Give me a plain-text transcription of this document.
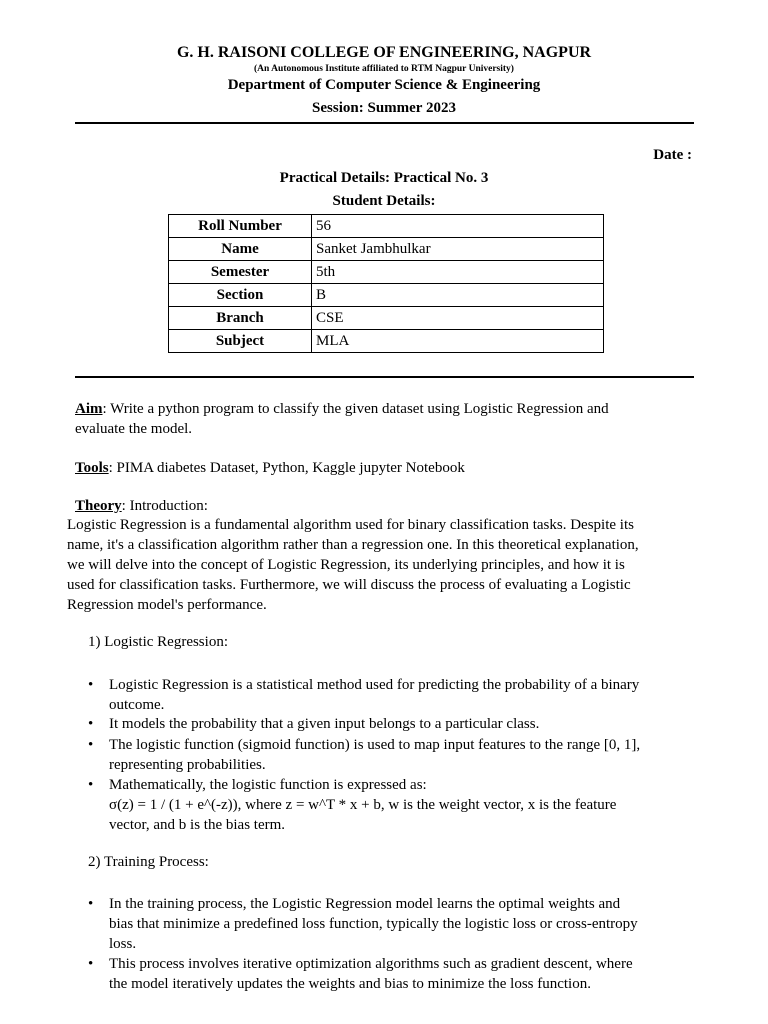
G. H. RAISONI COLLEGE OF ENGINEERING, NAGPUR
(An Autonomous Institute affiliated to RTM Nagpur University)
Department of Computer Science & Engineering
Session: Summer 2023
Date :
Practical Details: Practical No. 3
Student Details:
Roll Number	56
Name	Sanket Jambhulkar
Semester	5th
Section	B
Branch	CSE
Subject	MLA
Aim: Write a python program to classify the given dataset using Logistic Regression and
evaluate the model.
Tools: PIMA diabetes Dataset, Python, Kaggle jupyter Notebook
Theory: Introduction:
Logistic Regression is a fundamental algorithm used for binary classification tasks. Despite its
name, it's a classification algorithm rather than a regression one. In this theoretical explanation,
we will delve into the concept of Logistic Regression, its underlying principles, and how it is
used for classification tasks. Furthermore, we will discuss the process of evaluating a Logistic
Regression model's performance.
1) Logistic Regression:
• Logistic Regression is a statistical method used for predicting the probability of a binary
outcome.
• It models the probability that a given input belongs to a particular class.
• The logistic function (sigmoid function) is used to map input features to the range [0, 1],
representing probabilities.
• Mathematically, the logistic function is expressed as:
σ(z) = 1 / (1 + e^(-z)), where z = w^T * x + b, w is the weight vector, x is the feature
vector, and b is the bias term.
2) Training Process:
• In the training process, the Logistic Regression model learns the optimal weights and
bias that minimize a predefined loss function, typically the logistic loss or cross-entropy
loss.
• This process involves iterative optimization algorithms such as gradient descent, where
the model iteratively updates the weights and bias to minimize the loss function.
